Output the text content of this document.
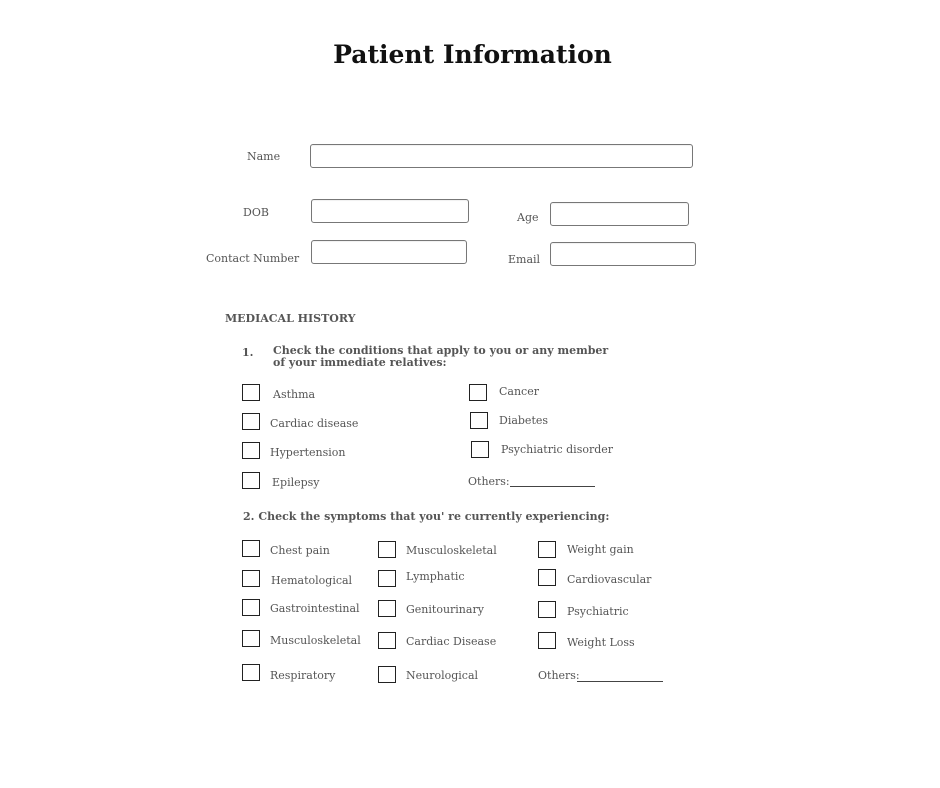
Patient Information
Name
DOB	Age
Contact Number	Email
MEDIACAL HISTORY
1. Check the conditions that apply to you or any member of your immediate relatives:
Asthma	Cancer
Cardiac disease	Diabetes
Hypertension	Psychiatric disorder
Epilepsy	Others:
2. Check the symptoms that you' re currently experiencing:
Chest pain	Musculoskeletal	Weight gain
Hematological	Lymphatic	Cardiovascular
Gastrointestinal	Genitourinary	Psychiatric
Musculoskeletal	Cardiac Disease	Weight Loss
Respiratory	Neurological	Others:
